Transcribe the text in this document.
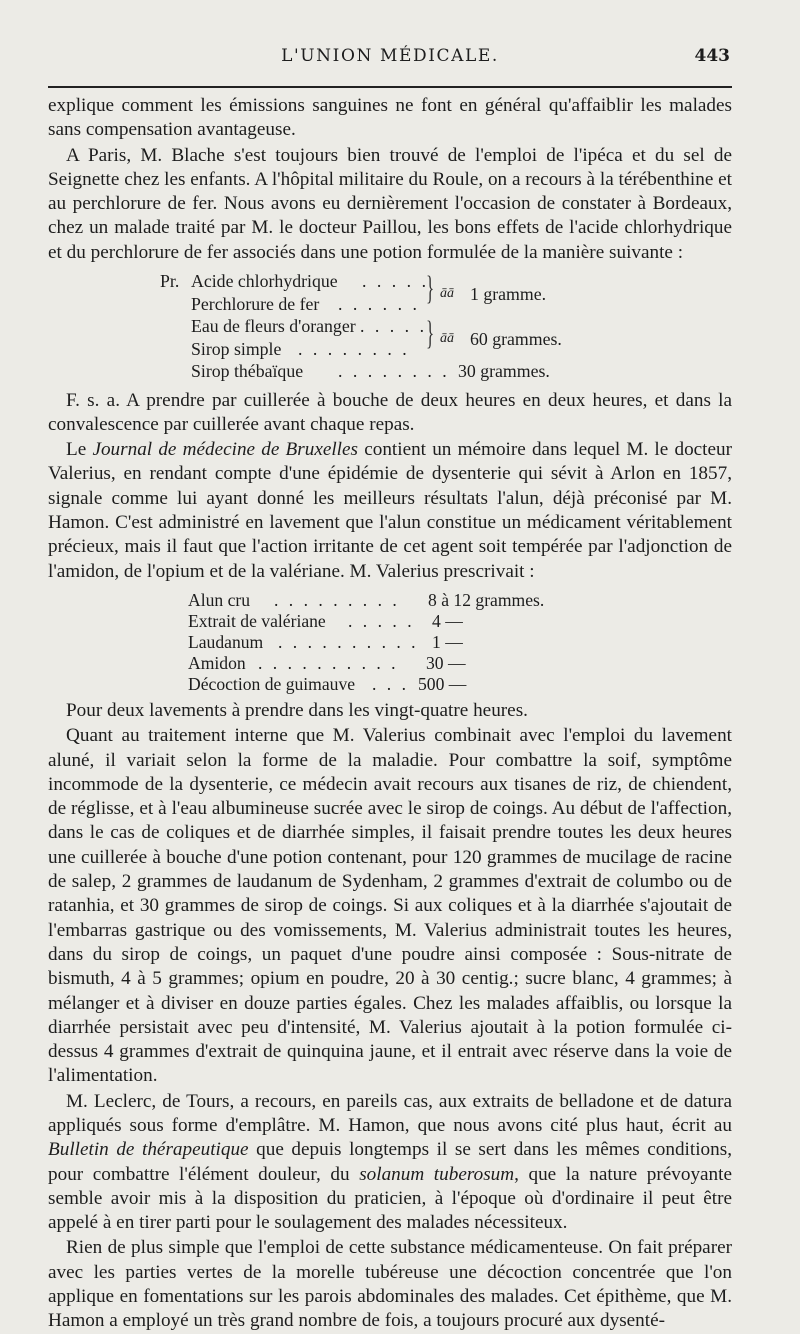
L'UNION MÉDICALE.	443

explique comment les émissions sanguines ne font en général qu'affaiblir les malades sans compensation avantageuse.

A Paris, M. Blache s'est toujours bien trouvé de l'emploi de l'ipéca et du sel de Seignette chez les enfants. A l'hôpital militaire du Roule, on a recours à la térébenthine et au perchlorure de fer. Nous avons eu dernièrement l'occasion de constater à Bordeaux, chez un malade traité par M. le docteur Paillou, les bons effets de l'acide chlorhydrique et du perchlorure de fer associés dans une potion formulée de la manière suivante :

Pr. Acide chlorhydrique . . . . .
Perchlorure de fer . . . . . .
āā 1 gramme.
Eau de fleurs d'oranger . . . . .
Sirop simple . . . . . . . .
āā 60 grammes.
Sirop thébaïque . . . . . . . . 30 grammes.
}
}

F. s. a. A prendre par cuillerée à bouche de deux heures en deux heures, et dans la convalescence par cuillerée avant chaque repas.

Le Journal de médecine de Bruxelles contient un mémoire dans lequel M. le docteur Valerius, en rendant compte d'une épidémie de dysenterie qui sévit à Arlon en 1857, signale comme lui ayant donné les meilleurs résultats l'alun, déjà préconisé par M. Hamon. C'est administré en lavement que l'alun constitue un médicament véritablement précieux, mais il faut que l'action irritante de cet agent soit tempérée par l'adjonction de l'amidon, de l'opium et de la valériane. M. Valerius prescrivait :

Alun cru . . . . . . . . . 8 à 12 grammes.
Extrait de valériane . . . . . 4 —
Laudanum . . . . . . . . . . 1 —
Amidon . . . . . . . . . . 30 —
Décoction de guimauve . . . 500 —

Pour deux lavements à prendre dans les vingt-quatre heures.

Quant au traitement interne que M. Valerius combinait avec l'emploi du lavement aluné, il variait selon la forme de la maladie. Pour combattre la soif, symptôme incommode de la dysenterie, ce médecin avait recours aux tisanes de riz, de chiendent, de réglisse, et à l'eau albumineuse sucrée avec le sirop de coings. Au début de l'affection, dans le cas de coliques et de diarrhée simples, il faisait prendre toutes les deux heures une cuillerée à bouche d'une potion contenant, pour 120 grammes de mucilage de racine de salep, 2 grammes de laudanum de Sydenham, 2 grammes d'extrait de columbo ou de ratanhia, et 30 grammes de sirop de coings. Si aux coliques et à la diarrhée s'ajoutait de l'embarras gastrique ou des vomissements, M. Valerius administrait toutes les heures, dans du sirop de coings, un paquet d'une poudre ainsi composée : Sous-nitrate de bismuth, 4 à 5 grammes; opium en poudre, 20 à 30 centig.; sucre blanc, 4 grammes; à mélanger et à diviser en douze parties égales. Chez les malades affaiblis, ou lorsque la diarrhée persistait avec peu d'intensité, M. Valerius ajoutait à la potion formulée ci-dessus 4 grammes d'extrait de quinquina jaune, et il entrait avec réserve dans la voie de l'alimentation.

M. Leclerc, de Tours, a recours, en pareils cas, aux extraits de belladone et de datura appliqués sous forme d'emplâtre. M. Hamon, que nous avons cité plus haut, écrit au Bulletin de thérapeutique que depuis longtemps il se sert dans les mêmes conditions, pour combattre l'élément douleur, du solanum tuberosum, que la nature prévoyante semble avoir mis à la disposition du praticien, à l'époque où d'ordinaire il peut être appelé à en tirer parti pour le soulagement des malades nécessiteux.

Rien de plus simple que l'emploi de cette substance médicamenteuse. On fait préparer avec les parties vertes de la morelle tubéreuse une décoction concentrée que l'on applique en fomentations sur les parois abdominales des malades. Cet épithème, que M. Hamon a employé un très grand nombre de fois, a toujours procuré aux dysenté-
